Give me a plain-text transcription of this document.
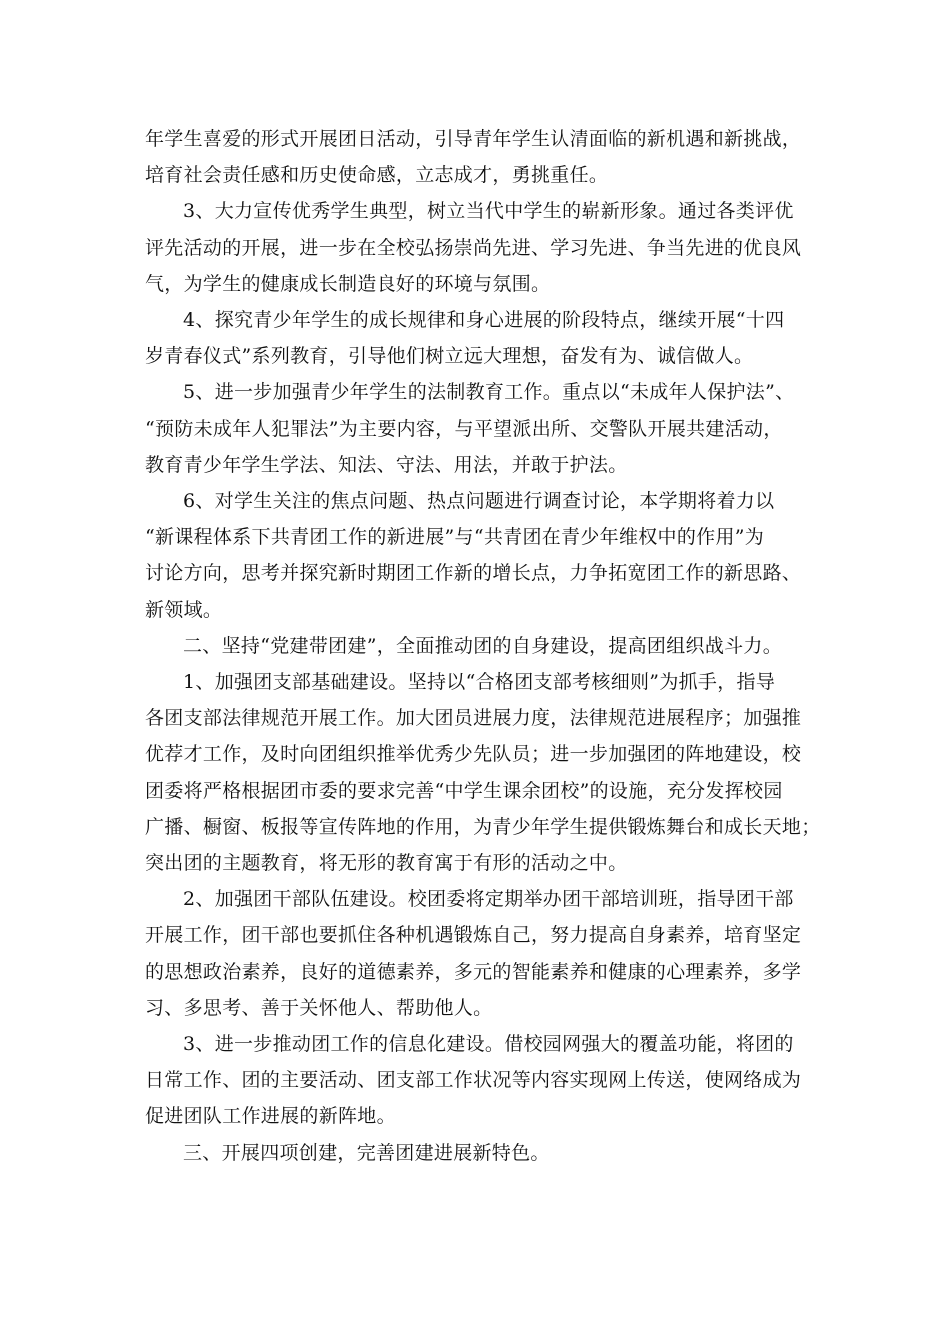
年学生喜爱的形式开展团日活动，引导青年学生认清面临的新机遇和新挑战，
培育社会责任感和历史使命感，立志成才，勇挑重任。

3、大力宣传优秀学生典型，树立当代中学生的崭新形象。通过各类评优
评先活动的开展，进一步在全校弘扬崇尚先进、学习先进、争当先进的优良风
气，为学生的健康成长制造良好的环境与氛围。

4、探究青少年学生的成长规律和身心进展的阶段特点，继续开展“十四
岁青春仪式”系列教育，引导他们树立远大理想，奋发有为、诚信做人。

5、进一步加强青少年学生的法制教育工作。重点以“未成年人保护法”、
“预防未成年人犯罪法”为主要内容，与平望派出所、交警队开展共建活动，
教育青少年学生学法、知法、守法、用法，并敢于护法。

6、对学生关注的焦点问题、热点问题进行调查讨论，本学期将着力以
“新课程体系下共青团工作的新进展”与“共青团在青少年维权中的作用”为
讨论方向，思考并探究新时期团工作新的增长点，力争拓宽团工作的新思路、
新领域。

二、坚持“党建带团建”，全面推动团的自身建设，提高团组织战斗力。

1、加强团支部基础建设。坚持以“合格团支部考核细则”为抓手，指导
各团支部法律规范开展工作。加大团员进展力度，法律规范进展程序；加强推
优荐才工作，及时向团组织推举优秀少先队员；进一步加强团的阵地建设，校
团委将严格根据团市委的要求完善“中学生课余团校”的设施，充分发挥校园
广播、橱窗、板报等宣传阵地的作用，为青少年学生提供锻炼舞台和成长天地；
突出团的主题教育，将无形的教育寓于有形的活动之中。

2、加强团干部队伍建设。校团委将定期举办团干部培训班，指导团干部
开展工作，团干部也要抓住各种机遇锻炼自己，努力提高自身素养，培育坚定
的思想政治素养，良好的道德素养，多元的智能素养和健康的心理素养，多学
习、多思考、善于关怀他人、帮助他人。

3、进一步推动团工作的信息化建设。借校园网强大的覆盖功能，将团的
日常工作、团的主要活动、团支部工作状况等内容实现网上传送，使网络成为
促进团队工作进展的新阵地。

三、开展四项创建，完善团建进展新特色。
